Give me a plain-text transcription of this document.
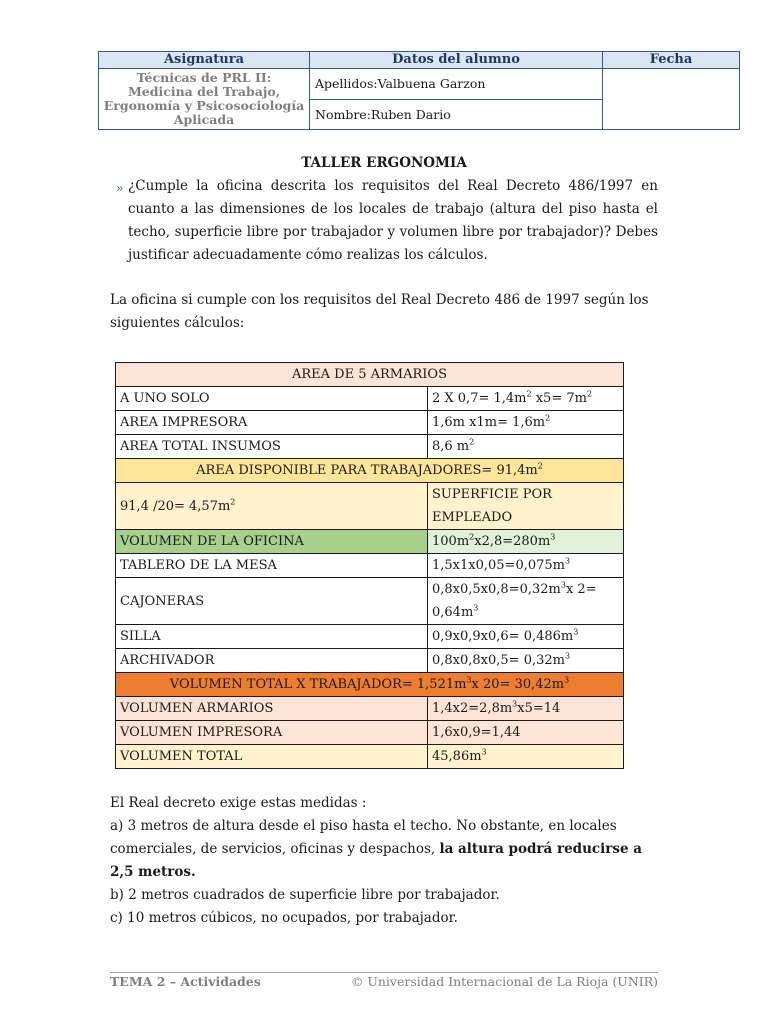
Asignatura	Datos del alumno	Fecha
Técnicas de PRL II: Medicina del Trabajo, Ergonomía y Psicosociología Aplicada	Apellidos:Valbuena Garzon	
	Nombre:Ruben Dario	
TALLER ERGONOMIA
» ¿Cumple la oficina descrita los requisitos del Real Decreto 486/1997 en cuanto a las dimensiones de los locales de trabajo (altura del piso hasta el techo, superficie libre por trabajador y volumen libre por trabajador)? Debes justificar adecuadamente cómo realizas los cálculos.

La oficina si cumple con los requisitos del Real Decreto 486 de 1997 según los siguientes cálculos:

AREA DE 5 ARMARIOS	
A UNO SOLO	2 X $0,7= 1,4m^2$ $x5= 7m^2$
AREA IMPRESORA	1,6m $x1m= 1,6m^2$
AREA TOTAL INSUMOS	8,6 $m^2$
AREA DISPONIBLE PARA TRABAJADORES= $91,4m^2$
91,4 $/20= 4,57m^2$	SUPERFICIE POR EMPLEADO
VOLUMEN DE LA OFICINA	$100m^2x2,8=280m^3$
TABLERO DE LA MESA	$1,5x1x0,05=0,075m^3$
CAJONERAS	$0,8x0,5x0,8=0,32m^3x$ $2= 0,64m^3$
SILLA	$0,9x0,9x0,6= 0,486m^3$
ARCHIVADOR	$0,8x0,8x0,5= 0,32m^3$
VOLUMEN TOTAL X TRABAJADOR= $1,521m^3x$ $20= 30,42m^3$
VOLUMEN ARMARIOS	$1,4x2=2,8m^3x5=14$
VOLUMEN IMPRESORA	1,6x0,9=1,44
VOLUMEN TOTAL	$45,86m^3$

El Real decreto exige estas medidas :

a) 3 metros de altura desde el piso hasta el techo. No obstante, en locales comerciales, de servicios, oficinas y despachos, la altura podrá reducirse a 2,5 metros.

b) 2 metros cuadrados de superficie libre por trabajador.

c) 10 metros cúbicos, no ocupados, por trabajador.

TEMA 2 – Actividades	© Universidad Internacional de La Rioja (UNIR)
